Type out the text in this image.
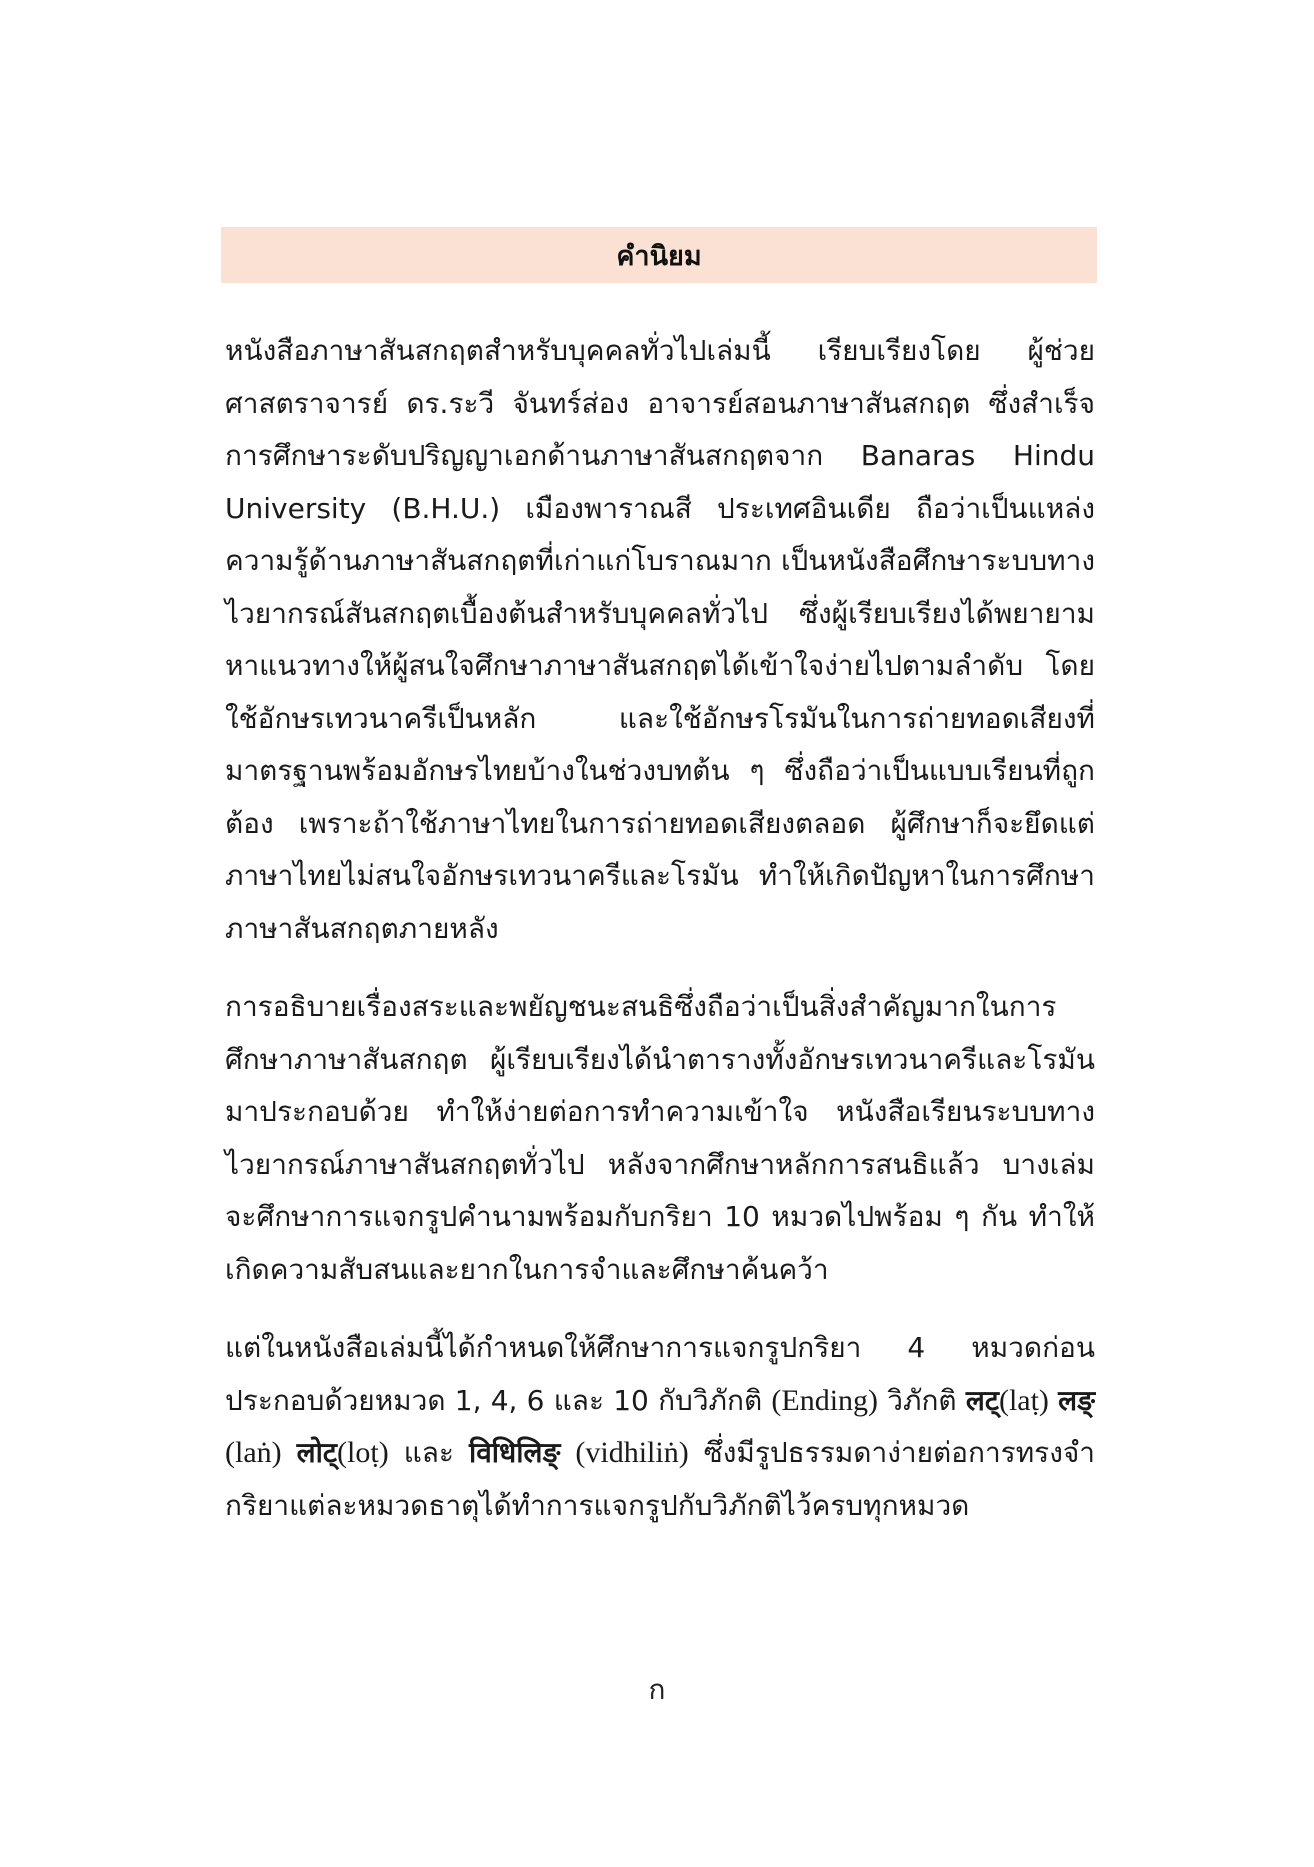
คำนิยม

หนังสือภาษาสันสกฤตสำหรับบุคคลทั่วไปเล่มนี้ เรียบเรียงโดย ผู้ช่วยศาสตราจารย์ ดร.ระวี จันทร์ส่อง อาจารย์สอนภาษาสันสกฤต ซึ่งสำเร็จการศึกษาระดับปริญญาเอกด้านภาษาสันสกฤตจาก Banaras Hindu University (B.H.U.) เมืองพาราณสี ประเทศอินเดีย ถือว่าเป็นแหล่งความรู้ด้านภาษาสันสกฤตที่เก่าแก่โบราณมาก เป็นหนังสือศึกษาระบบทางไวยากรณ์สันสกฤตเบื้องต้นสำหรับบุคคลทั่วไป ซึ่งผู้เรียบเรียงได้พยายามหาแนวทางให้ผู้สนใจศึกษาภาษาสันสกฤตได้เข้าใจง่ายไปตามลำดับ โดยใช้อักษรเทวนาครีเป็นหลัก และใช้อักษรโรมันในการถ่ายทอดเสียงที่มาตรฐานพร้อมอักษรไทยบ้างในช่วงบทต้น ๆ ซึ่งถือว่าเป็นแบบเรียนที่ถูกต้อง เพราะถ้าใช้ภาษาไทยในการถ่ายทอดเสียงตลอด ผู้ศึกษาก็จะยึดแต่ภาษาไทยไม่สนใจอักษรเทวนาครีและโรมัน ทำให้เกิดปัญหาในการศึกษาภาษาสันสกฤตภายหลัง

การอธิบายเรื่องสระและพยัญชนะสนธิซึ่งถือว่าเป็นสิ่งสำคัญมากในการศึกษาภาษาสันสกฤต ผู้เรียบเรียงได้นำตารางทั้งอักษรเทวนาครีและโรมันมาประกอบด้วย ทำให้ง่ายต่อการทำความเข้าใจ หนังสือเรียนระบบทางไวยากรณ์ภาษาสันสกฤตทั่วไป หลังจากศึกษาหลักการสนธิแล้ว บางเล่มจะศึกษาการแจกรูปคำนามพร้อมกับกริยา 10 หมวดไปพร้อม ๆ กัน ทำให้เกิดความสับสนและยากในการจำและศึกษาค้นคว้า

แต่ในหนังสือเล่มนี้ได้กำหนดให้ศึกษาการแจกรูปกริยา 4 หมวดก่อน ประกอบด้วยหมวด 1, 4, 6 และ 10 กับวิภักติ (Ending) วิภักติ लट्(laṭ) लङ् (laṅ) लोट्(loṭ) และ विधिलिङ् (vidhiliṅ) ซึ่งมีรูปธรรมดาง่ายต่อการทรงจำ กริยาแต่ละหมวดธาตุได้ทำการแจกรูปกับวิภักติไว้ครบทุกหมวด

ก
